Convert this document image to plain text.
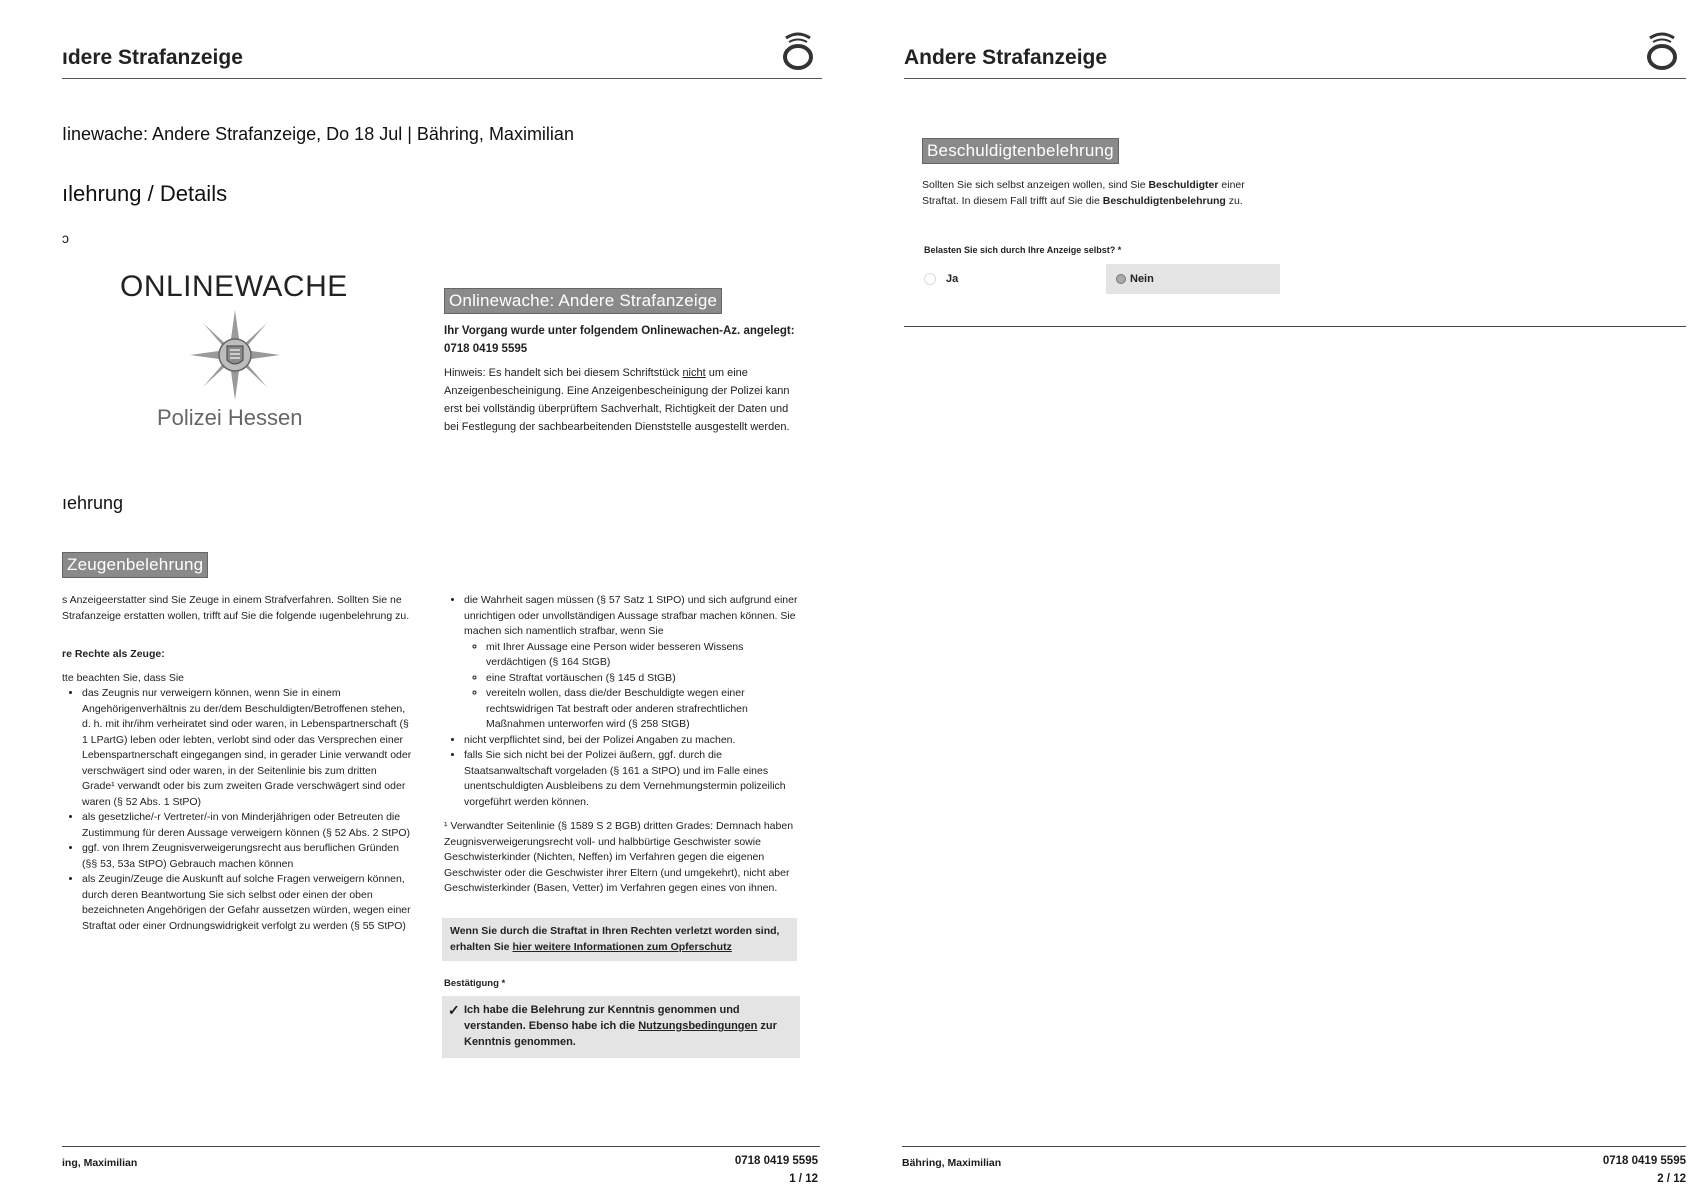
ıdere Strafanzeige
Iinewache: Andere Strafanzeige, Do 18 Jul | Bähring, Maximilian
ılehrung / Details
ɔ
ONLINEWACHE
Polizei Hessen
Onlinewache: Andere Strafanzeige
Ihr Vorgang wurde unter folgendem Onlinewachen-Az. angelegt: 0718 0419 5595
Hinweis: Es handelt sich bei diesem Schriftstück nicht um eine Anzeigenbescheinigung. Eine Anzeigenbescheinigung der Polizei kann erst bei vollständig überprüftem Sachverhalt, Richtigkeit der Daten und bei Festlegung der sachbearbeitenden Dienststelle ausgestellt werden.
ıehrung
Zeugenbelehrung
s Anzeigeerstatter sind Sie Zeuge in einem Strafverfahren. Sollten Sie ne Strafanzeige erstatten wollen, trifft auf Sie die folgende ıugenbelehrung zu.
re Rechte als Zeuge:
tte beachten Sie, dass Sie
• das Zeugnis nur verweigern können, wenn Sie in einem Angehörigenverhältnis zu der/dem Beschuldigten/Betroffenen stehen, d. h. mit ihr/ihm verheiratet sind oder waren, in Lebenspartnerschaft (§ 1 LPartG) leben oder lebten, verlobt sind oder das Versprechen einer Lebenspartnerschaft eingegangen sind, in gerader Linie verwandt oder verschwägert sind oder waren, in der Seitenlinie bis zum dritten Grade¹ verwandt oder bis zum zweiten Grade verschwägert sind oder waren (§ 52 Abs. 1 StPO)
• als gesetzliche/-r Vertreter/-in von Minderjährigen oder Betreuten die Zustimmung für deren Aussage verweigern können (§ 52 Abs. 2 StPO)
• ggf. von Ihrem Zeugnisverweigerungsrecht aus beruflichen Gründen (§§ 53, 53a StPO) Gebrauch machen können
• als Zeugin/Zeuge die Auskunft auf solche Fragen verweigern können, durch deren Beantwortung Sie sich selbst oder einen der oben bezeichneten Angehörigen der Gefahr aussetzen würden, wegen einer Straftat oder einer Ordnungswidrigkeit verfolgt zu werden (§ 55 StPO)
• die Wahrheit sagen müssen (§ 57 Satz 1 StPO) und sich aufgrund einer unrichtigen oder unvollständigen Aussage strafbar machen können. Sie machen sich namentlich strafbar, wenn Sie
◦ mit Ihrer Aussage eine Person wider besseren Wissens verdächtigen (§ 164 StGB)
◦ eine Straftat vortäuschen (§ 145 d StGB)
◦ vereiteln wollen, dass die/der Beschuldigte wegen einer rechtswidrigen Tat bestraft oder anderen strafrechtlichen Maßnahmen unterworfen wird (§ 258 StGB)
• nicht verpflichtet sind, bei der Polizei Angaben zu machen.
• falls Sie sich nicht bei der Polizei äußern, ggf. durch die Staatsanwaltschaft vorgeladen (§ 161 a StPO) und im Falle eines unentschuldigten Ausbleibens zu dem Vernehmungstermin polizeilich vorgeführt werden können.
¹ Verwandter Seitenlinie (§ 1589 S 2 BGB) dritten Grades: Demnach haben Zeugnisverweigerungsrecht voll- und halbbürtige Geschwister sowie Geschwisterkinder (Nichten, Neffen) im Verfahren gegen die eigenen Geschwister oder die Geschwister ihrer Eltern (und umgekehrt), nicht aber Geschwisterkinder (Basen, Vetter) im Verfahren gegen eines von ihnen.
Wenn Sie durch die Straftat in Ihren Rechten verletzt worden sind, erhalten Sie hier weitere Informationen zum Opferschutz
Bestätigung *
✓ Ich habe die Belehrung zur Kenntnis genommen und verstanden. Ebenso habe ich die Nutzungsbedingungen zur Kenntnis genommen.
ing, Maximilian	0718 0419 5595
1 / 12
Andere Strafanzeige
Beschuldigtenbelehrung
Sollten Sie sich selbst anzeigen wollen, sind Sie Beschuldigter einer Straftat. In diesem Fall trifft auf Sie die Beschuldigtenbelehrung zu.
Belasten Sie sich durch Ihre Anzeige selbst? *
Ja	Nein
Bähring, Maximilian	0718 0419 5595
2 / 12
